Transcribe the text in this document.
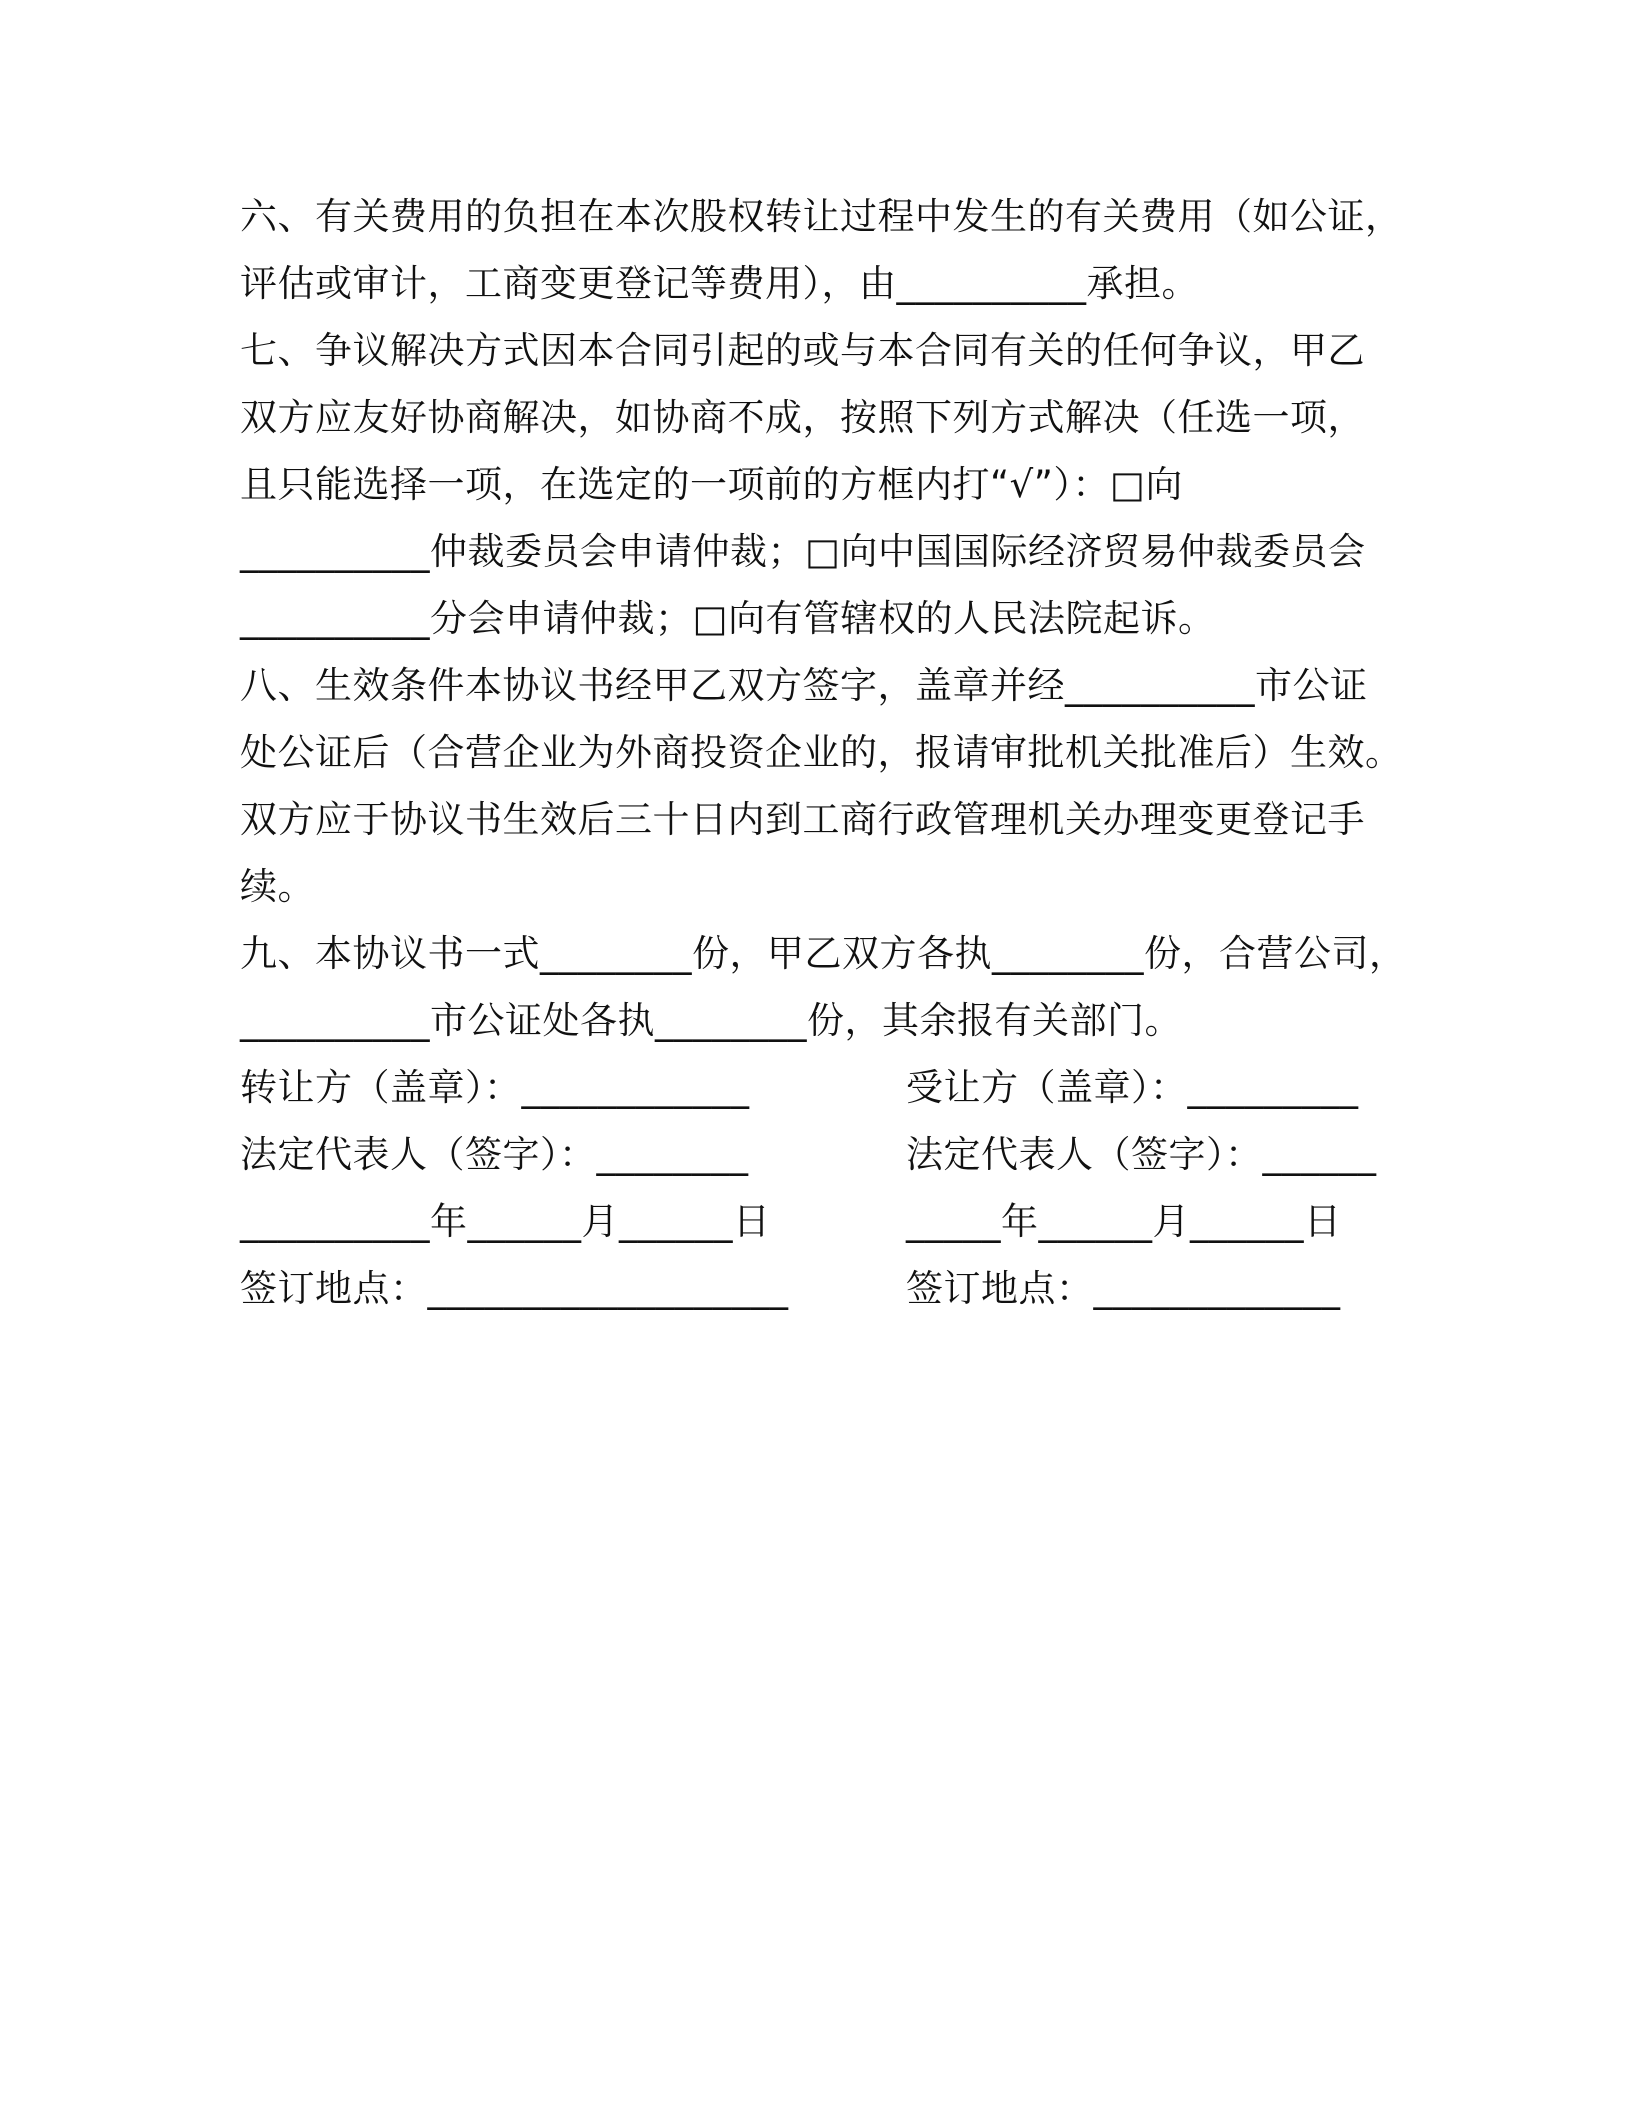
六、有关费用的负担在本次股权转让过程中发生的有关费用（如公证，
评估或审计，工商变更登记等费用），由__________承担。
七、争议解决方式因本合同引起的或与本合同有关的任何争议，甲乙
双方应友好协商解决，如协商不成，按照下列方式解决（任选一项，
且只能选择一项，在选定的一项前的方框内打“√”）：□向
__________仲裁委员会申请仲裁；□向中国国际经济贸易仲裁委员会
__________分会申请仲裁；□向有管辖权的人民法院起诉。
八、生效条件本协议书经甲乙双方签字，盖章并经__________市公证
处公证后（合营企业为外商投资企业的，报请审批机关批准后）生效。
双方应于协议书生效后三十日内到工商行政管理机关办理变更登记手
续。
九、本协议书一式________份，甲乙双方各执________份，合营公司，
__________市公证处各执________份，其余报有关部门。
转让方（盖章）：____________	受让方（盖章）：_________
法定代表人（签字）：________	法定代表人（签字）：______
__________年______月______日	_____年______月______日
签订地点：___________________	签订地点：_____________
